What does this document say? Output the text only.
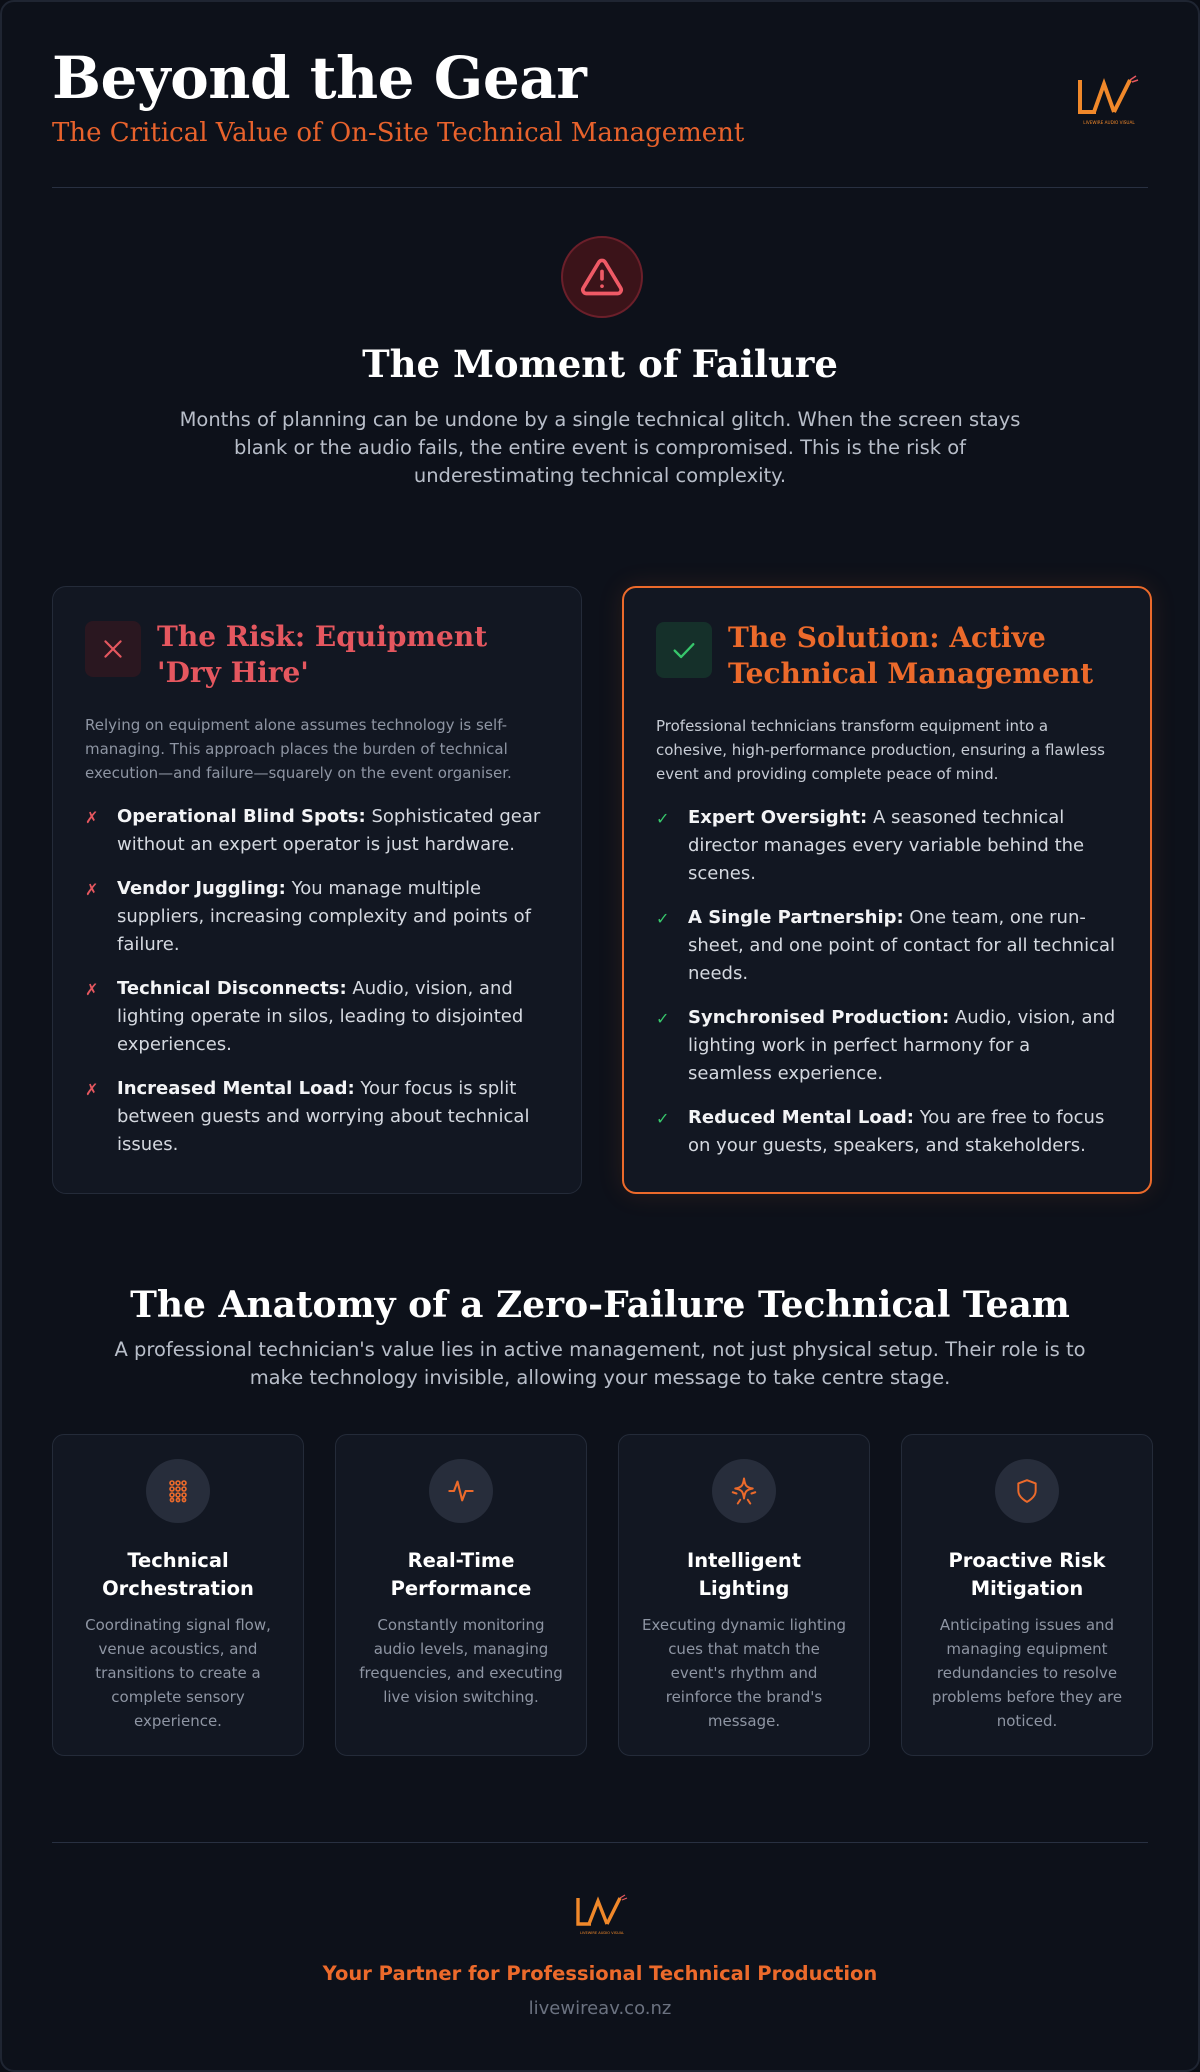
Beyond the Gear
The Critical Value of On-Site Technical Management	LIVEWIRE AUDIO VISUAL
The Moment of Failure

Months of planning can be undone by a single technical glitch. When the screen stays blank or the audio fails, the entire event is compromised. This is the risk of underestimating technical complexity.

The Risk: Equipment 'Dry Hire'

Relying on equipment alone assumes technology is self-managing. This approach places the burden of technical execution—and failure—squarely on the event organiser.

✗	Operational Blind Spots: Sophisticated gear without an expert operator is just hardware.
✗	Vendor Juggling: You manage multiple suppliers, increasing complexity and points of failure.
✗	Technical Disconnects: Audio, vision, and lighting operate in silos, leading to disjointed experiences.
✗	Increased Mental Load: Your focus is split between guests and worrying about technical issues.
The Solution: Active Technical Management

Professional technicians transform equipment into a cohesive, high-performance production, ensuring a flawless event and providing complete peace of mind.

✓	Expert Oversight: A seasoned technical director manages every variable behind the scenes.
✓	A Single Partnership: One team, one run-sheet, and one point of contact for all technical needs.
✓	Synchronised Production: Audio, vision, and lighting work in perfect harmony for a seamless experience.
✓	Reduced Mental Load: You are free to focus on your guests, speakers, and stakeholders.
The Anatomy of a Zero-Failure Technical Team

A professional technician's value lies in active management, not just physical setup. Their role is to make technology invisible, allowing your message to take centre stage.

Technical Orchestration
Coordinating signal flow, venue acoustics, and transitions to create a complete sensory experience.
Real-Time Performance
Constantly monitoring audio levels, managing frequencies, and executing live vision switching.
Intelligent Lighting
Executing dynamic lighting cues that match the event's rhythm and reinforce the brand's message.
Proactive Risk Mitigation
Anticipating issues and managing equipment redundancies to resolve problems before they are noticed.
LIVEWIRE AUDIO VISUAL
Your Partner for Professional Technical Production
livewireav.co.nz
